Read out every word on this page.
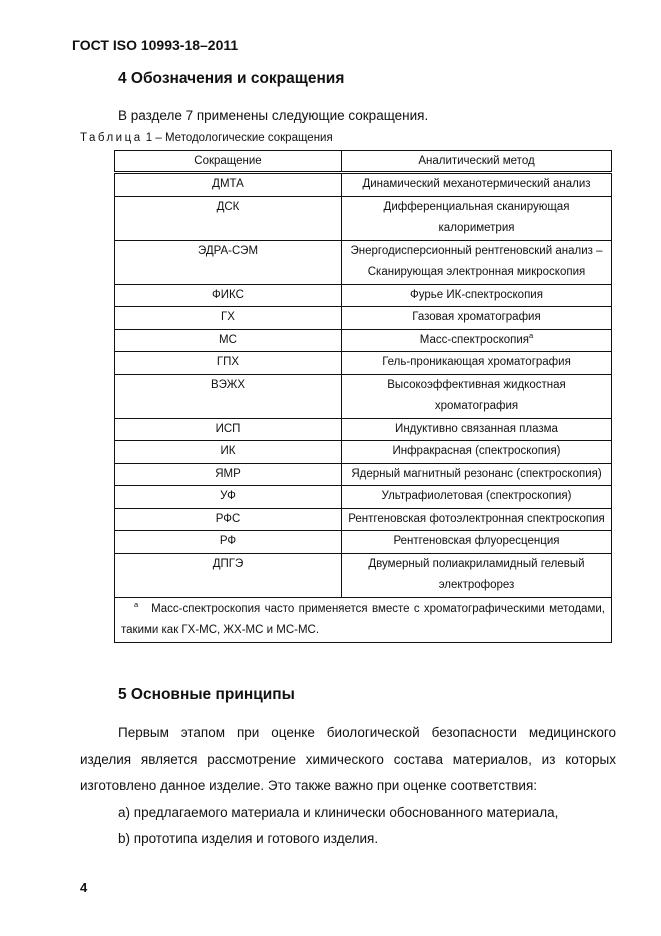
ГОСТ ISO 10993-18–2011
4 Обозначения и сокращения
В разделе 7 применены следующие сокращения.
Таблица 1 – Методологические сокращения
Сокращение	Аналитический метод
ДМТА	Динамический механотермический анализ
ДСК	Дифференциальная сканирующая калориметрия
ЭДРА-СЭМ	Энергодисперсионный рентгеновский анализ – Сканирующая электронная микроскопия
ФИКС	Фурье ИК-спектроскопия
ГХ	Газовая хроматография
МС	Масс-спектроскопия$^а$
ГПХ	Гель-проникающая хроматография
ВЭЖХ	Высокоэффективная жидкостная хроматография
ИСП	Индуктивно связанная плазма
ИК	Инфракрасная (спектроскопия)
ЯМР	Ядерный магнитный резонанс (спектроскопия)
УФ	Ультрафиолетовая (спектроскопия)
РФС	Рентгеновская фотоэлектронная спектроскопия
РФ	Рентгеновская флуоресценция
ДПГЭ	Двумерный полиакриламидный гелевый электрофорез
$^а$ Масс-спектроскопия часто применяется вместе с хроматографическими методами, такими как ГХ-МС, ЖХ-МС и МС-МС.	
5 Основные принципы
Первым этапом при оценке биологической безопасности медицинского изделия является рассмотрение химического состава материалов, из которых изготовлено данное изделие. Это также важно при оценке соответствия:
а) предлагаемого материала и клинически обоснованного материала,
b) прототипа изделия и готового изделия.
4
